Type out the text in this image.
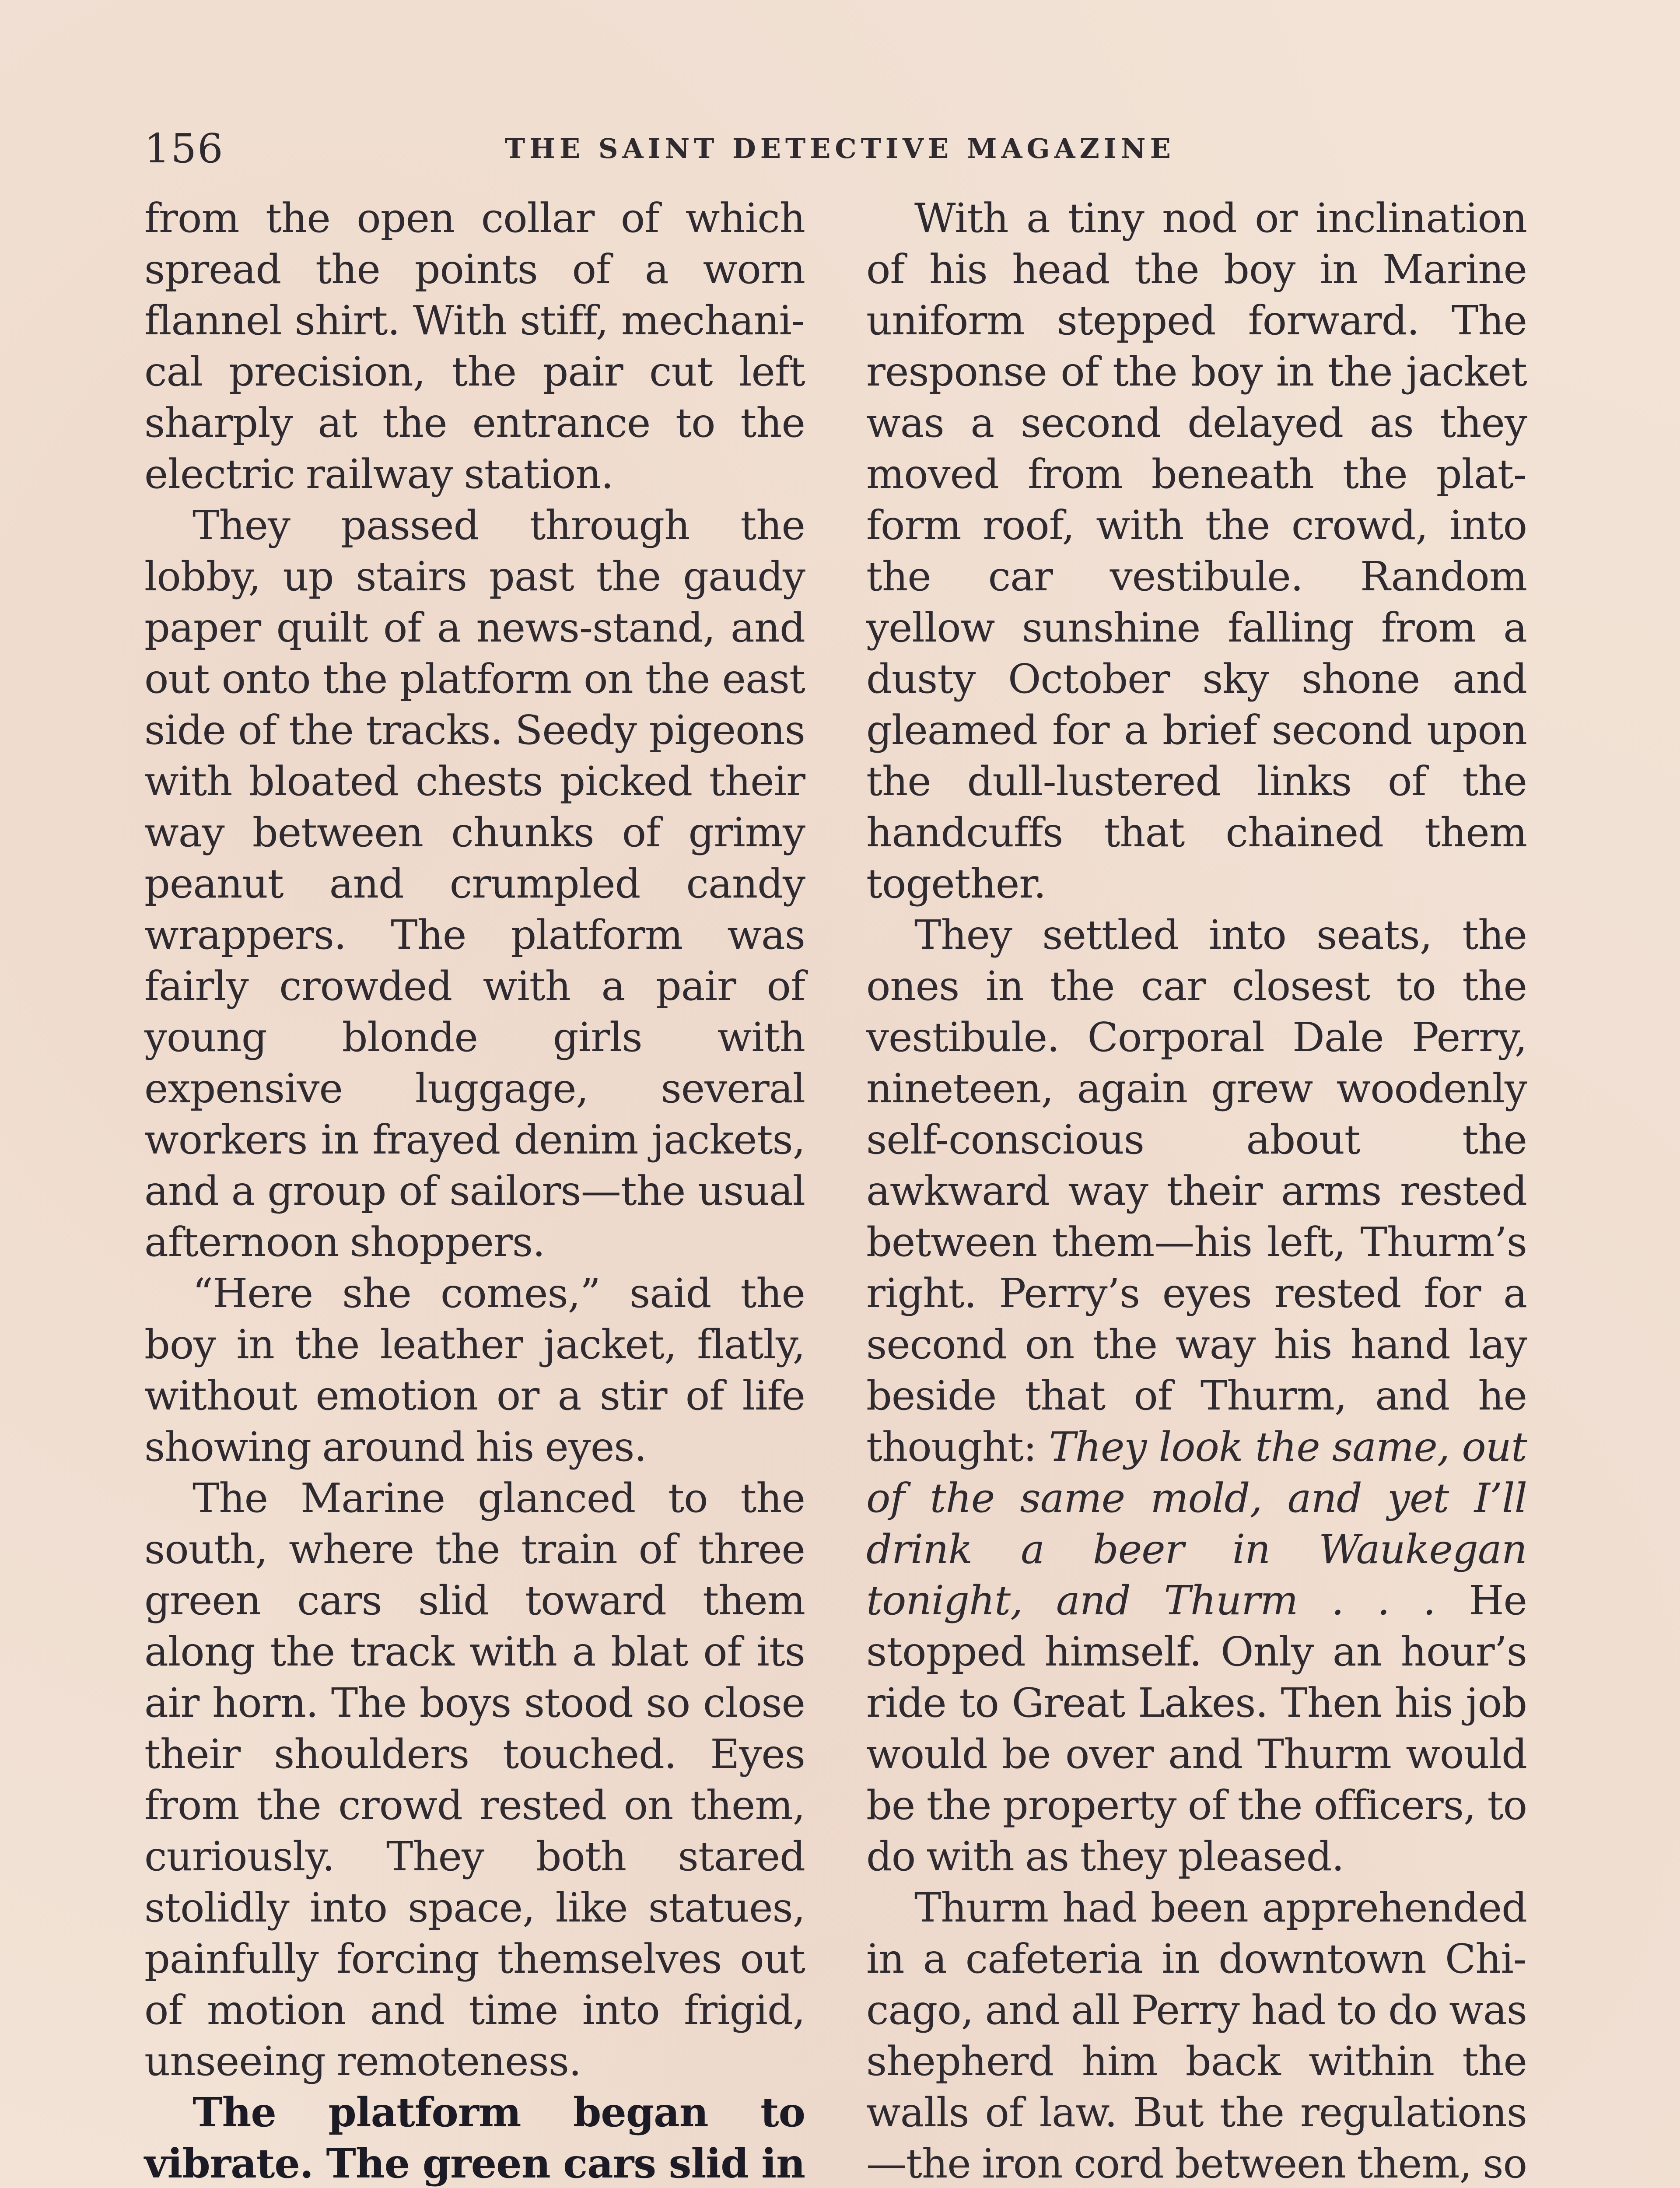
156	THE SAINT DETECTIVE MAGAZINE

from the open collar of which spread the points of a worn flannel shirt. With stiff, mechanical precision, the pair cut left sharply at the entrance to the electric railway station.

They passed through the lobby, up stairs past the gaudy paper quilt of a news-stand, and out onto the platform on the east side of the tracks. Seedy pigeons with bloated chests picked their way between chunks of grimy peanut and crumpled candy wrappers. The platform was fairly crowded with a pair of young blonde girls with expensive luggage, several workers in frayed denim jackets, and a group of sailors—the usual afternoon shoppers.

“Here she comes,” said the boy in the leather jacket, flatly, without emotion or a stir of life showing around his eyes.

The Marine glanced to the south, where the train of three green cars slid toward them along the track with a blat of its air horn. The boys stood so close their shoulders touched. Eyes from the crowd rested on them, curiously. They both stared stolidly into space, like statues, painfully forcing themselves out of motion and time into frigid, unseeing remoteness.

The platform began to vibrate. The green cars slid in

With a tiny nod or inclination of his head the boy in Marine uniform stepped forward. The response of the boy in the jacket was a second delayed as they moved from beneath the platform roof, with the crowd, into the car vestibule. Random yellow sunshine falling from a dusty October sky shone and gleamed for a brief second upon the dull-lustered links of the handcuffs that chained them together.

They settled into seats, the ones in the car closest to the vestibule. Corporal Dale Perry, nineteen, again grew woodenly self-conscious about the awkward way their arms rested between them—his left, Thurm’s right. Perry’s eyes rested for a second on the way his hand lay beside that of Thurm, and he thought: They look the same, out of the same mold, and yet I’ll drink a beer in Waukegan tonight, and Thurm . . . He stopped himself. Only an hour’s ride to Great Lakes. Then his job would be over and Thurm would be the property of the officers, to do with as they pleased.

Thurm had been apprehended in a cafeteria in downtown Chicago, and all Perry had to do was shepherd him back within the walls of law. But the regulations—the iron cord between them, so
